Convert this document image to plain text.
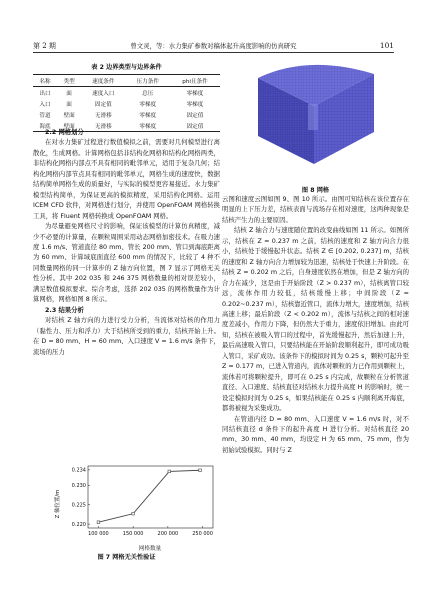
第 2 期	曾文灵，等：水力集矿参数对稿体起升高度影响的仿真研究	101
表 2 边界类型与边界条件
名称	类型	速度条件	压力条件	phi且条件
出口	面	速度入口	总压	零梯度
入口	面	固定值	零梯度	零梯度
管道	壁面	无滑移	零梯度	固定值
海底	壁面	无滑移	零梯度	固定值

2.2 网格划分

在对水力集矿过程进行数值模拟之前，需要对几何模型进行离散化，生成网格。计算网格包括非结构化网格和结构化网格两类，非结构化网格内部点不具有相同的毗邻单元，适用于复杂几何；结构化网格内部节点具有相同的毗邻单元，网格生成的速度快，数据结构简单网格生成的质量好，与实际的模型更容易接近。水力集矿模型结构简单，为保证更高的模拟精度，采用结构化网格。运用 ICEM CFD 软件，对网格进行划分，并使用 OpenFOAM 网格转换工具，将 Fluent 网格转换成 OpenFOAM 网格。

为尽量避免网格尺寸的影响，保证该模型的计算仿真精度，减少不必要的计算量，在颗粒周围采用动态网格加密技术。在吸力速度 1.6 m/s、管道直径 80 mm、管长 200 mm、管口到海底距离为 60 mm、计算域底面直径 600 mm 的情况下，比较了 4 种不同数量网格的同一计算步的 Z 轴方向位置，图 7 显示了网格无关性分析。其中 202 035 和 246 375 网格数量的相对误差较小，满足数值模拟要求。综合考虑，选择 202 035 的网格数量作为计算网格，网格如图 8 所示。

2.3 结果分析

对结核 Z 轴方向的力进行受力分析，当流体对结核的作用力（黏性力、压力和浮力）大于结核所受到的重力，结核开始上升。在 D = 80 mm、H = 60 mm、入口速度 V = 1.6 m/s 条件下，流场的压力

Z 轴位置/m
网格数量
100 000	150 000	200 000	250 000
0.220
0.225
0.230
0.234
图 7 网格无关性验证
图 8 网格

云图和速度云图如图 9、图 10 所示。由图可知结核在该位置存在明显的上下压力差，结核表面与流场存在相对速度，这两种现象是结核产生力的主要原因。

结核 Z 轴合力与速度随位置的改变曲线如图 11 所示。如图所示，结核在 Z = 0.237 m 之前，结核的速度和 Z 轴方向合力很小，结核处于缓慢起升状态。结核 Z ∈ [0.202, 0.237] m，结核的速度和 Z 轴方向合力增加较为迅速，结核处于快速上升阶段。在结核 Z = 0.202 m 之后，自身速度依然在增加，但是 Z 轴方向的合力在减少，这是由于开始阶段（Z > 0.237 m），结核离管口较远，流体作用力较低，结核缓慢上移；中间阶段（Z = 0.202~0.237 m），结核靠近管口，流体力增大，速度增加，结核高速上移；最后阶段（Z < 0.202 m），流体与结核之间的相对速度差减小，作用力下降，但仍然大于重力，速度依旧增加。由此可知，结核在被吸入管口的过程中，首先缓慢起升，然后加速上升，最后高速吸入管口，只要结核能在开始阶段顺利起升，即可成功吸入管口，采矿成功。该条件下的模拟时间为 0.25 s，颗粒可起升至 Z = 0.177 m，已进入管道内，流体对颗粒的力已作用到颗粒上，流体若可将颗粒提升，即可在 0.25 s 内完成，故颗粒在分析管道直径、入口速度、结核直径对结核水力提升高度 H 的影响时，统一设定模拟时间为 0.25 s，如果结核能在 0.25 s 内顺利离开海底，都将被视为采集成功。

在管道内径 D = 80 mm、入口速度 V = 1.6 m/s 时，对不同结核直径 d 条件下的起升高度 H 进行分析。对结核直径 20 mm、30 mm、40 mm，均设定 H 为 65 mm、75 mm，作为初始试验模拟。同时与 Z
